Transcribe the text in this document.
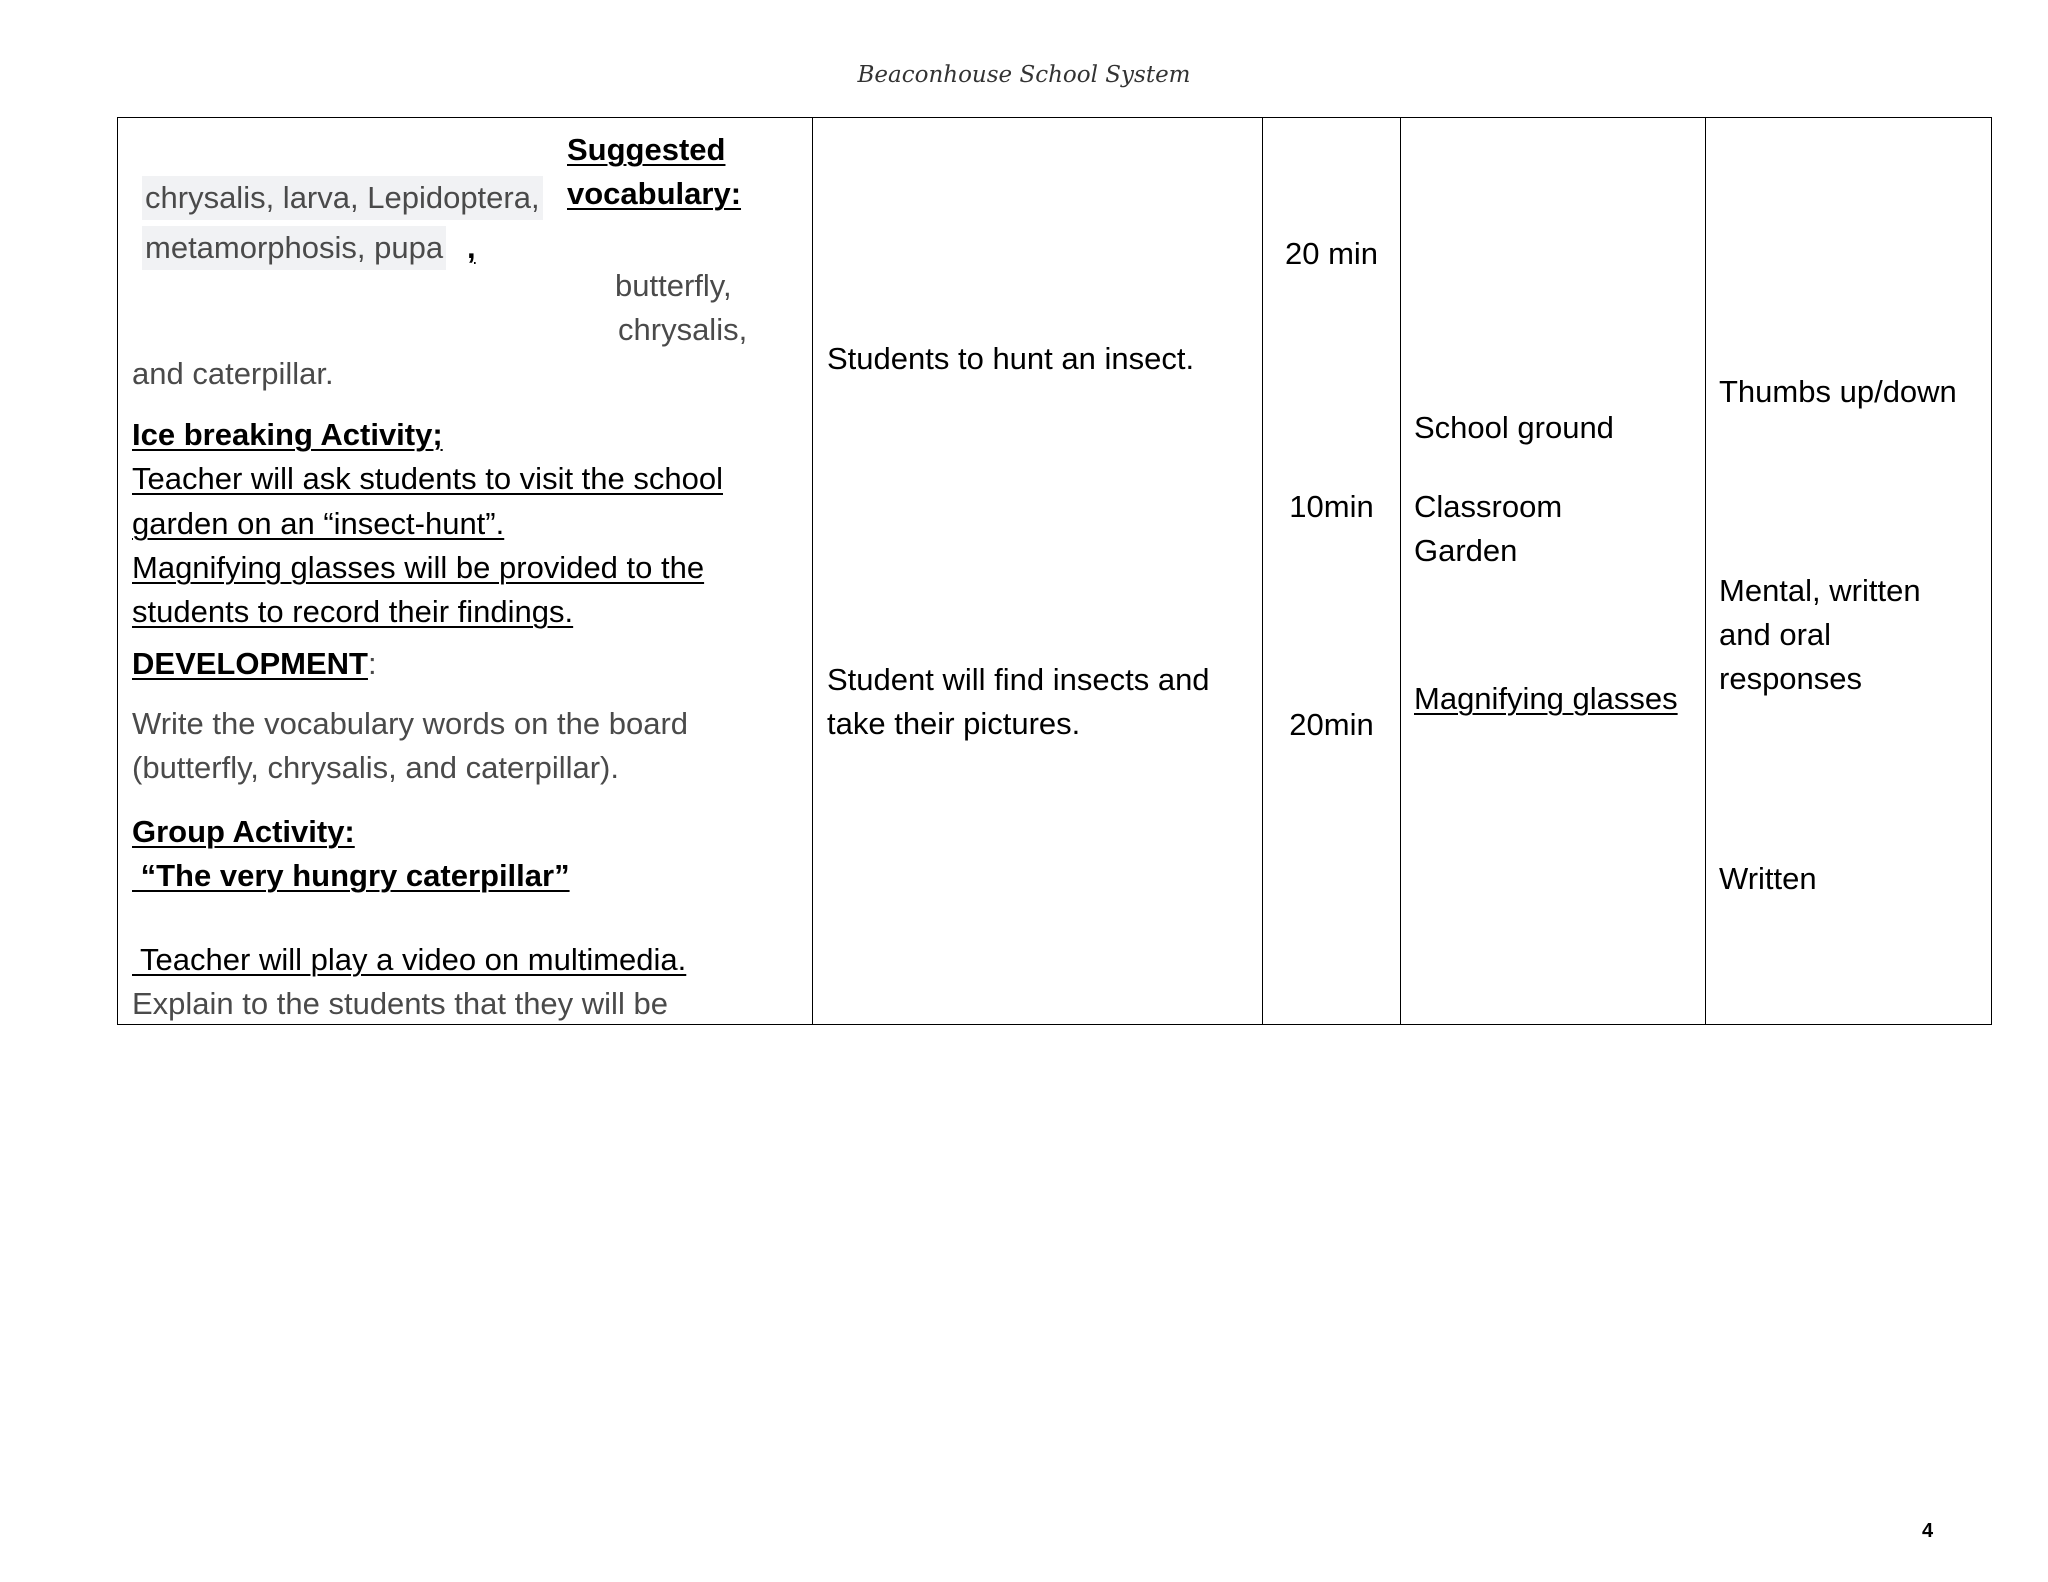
Beaconhouse School System
Suggested
vocabulary:
chrysalis, larva, Lepidoptera,
metamorphosis, pupa ,
butterfly,
chrysalis,
and caterpillar.
Ice breaking Activity;
Teacher will ask students to visit the school
garden on an “insect-hunt”.
Magnifying glasses will be provided to the
students to record their findings.
DEVELOPMENT:
Write the vocabulary words on the board
(butterfly, chrysalis, and caterpillar).
Group Activity:
“The very hungry caterpillar”
Teacher will play a video on multimedia.
Explain to the students that they will be
Students to hunt an insect.
Student will find insects and
take their pictures.
20 min
10min
20min
School ground
Classroom
Garden
Magnifying glasses
Thumbs up/down
Mental, written
and oral
responses
Written
4
